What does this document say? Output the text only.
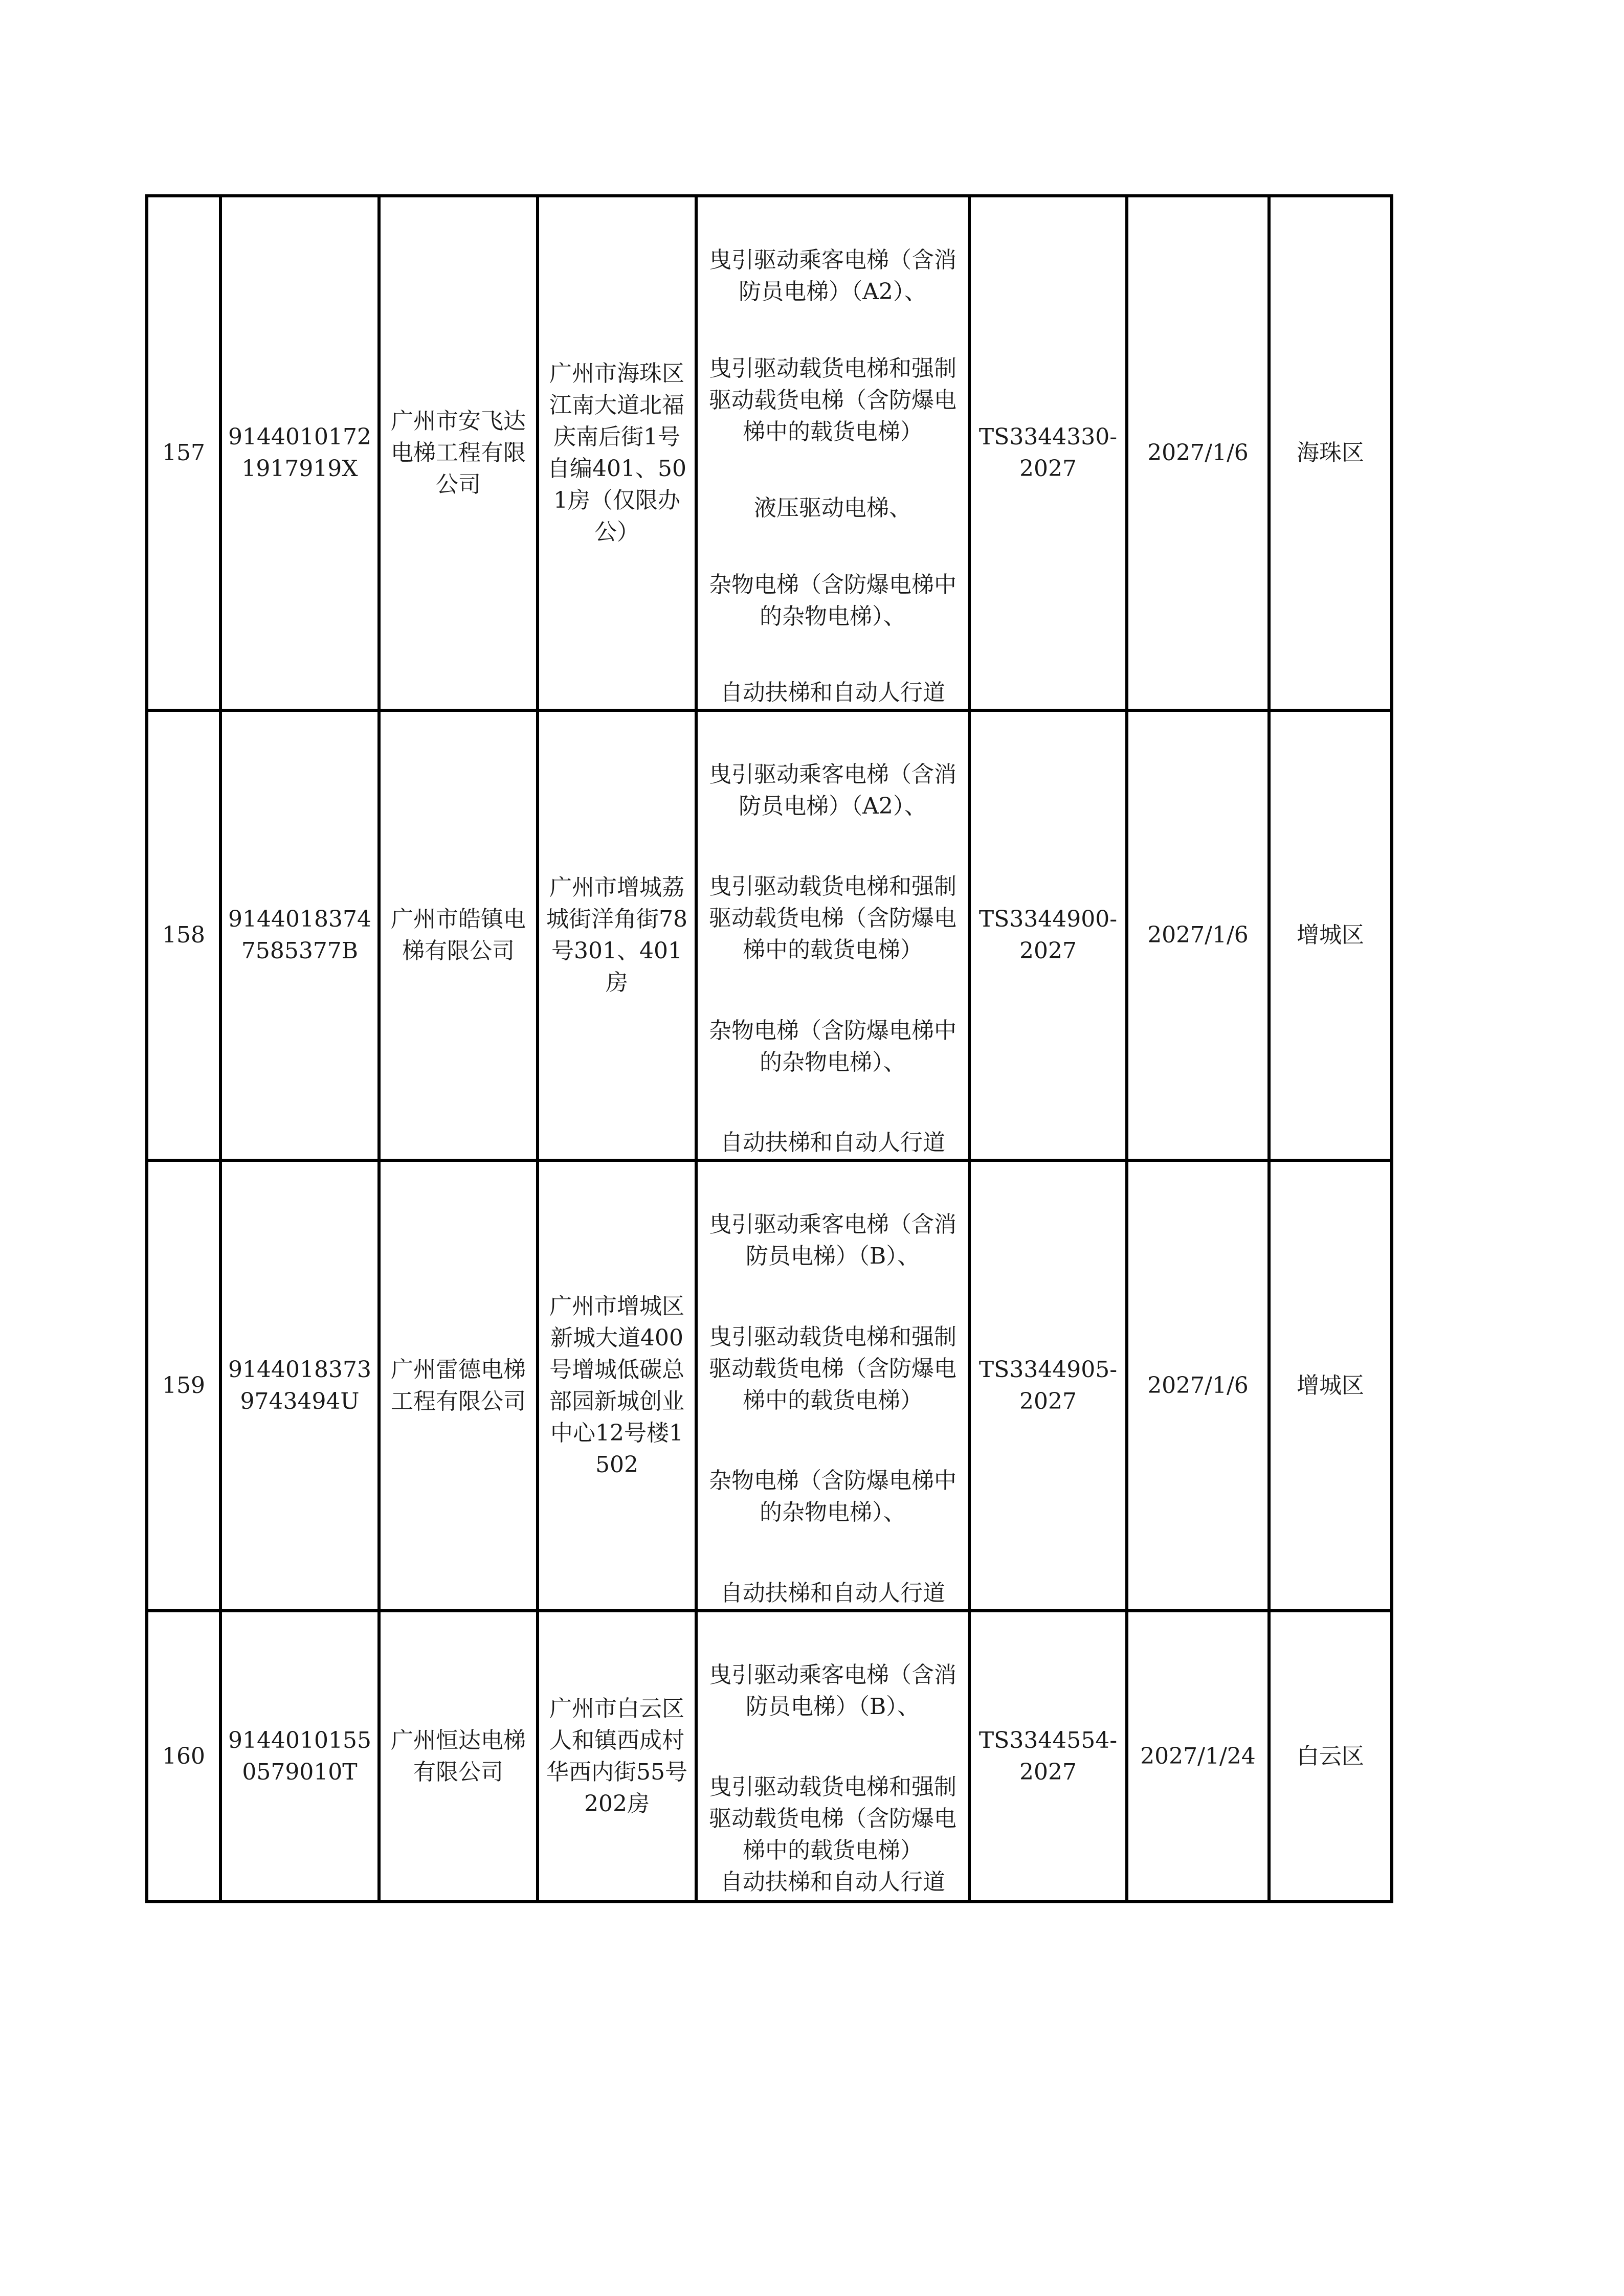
157	91440101721917919X	广州市安飞达电梯工程有限公司	广州市海珠区江南大道北福庆南后街1号自编401、501房（仅限办公）	曳引驱动乘客电梯（含消防员电梯）（A2）、
曳引驱动载货电梯和强制驱动载货电梯（含防爆电梯中的载货电梯）
液压驱动电梯、
杂物电梯（含防爆电梯中的杂物电梯）、
自动扶梯和自动人行道	TS3344330-2027	2027/1/6	海珠区
158	91440183747585377B	广州市皓镇电梯有限公司	广州市增城荔城街洋角街78号301、401房	曳引驱动乘客电梯（含消防员电梯）（A2）、
曳引驱动载货电梯和强制驱动载货电梯（含防爆电梯中的载货电梯）
杂物电梯（含防爆电梯中的杂物电梯）、
自动扶梯和自动人行道	TS3344900-2027	2027/1/6	增城区
159	91440183739743494U	广州雷德电梯工程有限公司	广州市增城区新城大道400号增城低碳总部园新城创业中心12号楼1502	曳引驱动乘客电梯（含消防员电梯）（B）、
曳引驱动载货电梯和强制驱动载货电梯（含防爆电梯中的载货电梯）
杂物电梯（含防爆电梯中的杂物电梯）、
自动扶梯和自动人行道	TS3344905-2027	2027/1/6	增城区
160	91440101550579010T	广州恒达电梯有限公司	广州市白云区人和镇西成村华西内街55号202房	曳引驱动乘客电梯（含消防员电梯）（B）、
曳引驱动载货电梯和强制驱动载货电梯（含防爆电梯中的载货电梯）
自动扶梯和自动人行道	TS3344554-2027	2027/1/24	白云区
